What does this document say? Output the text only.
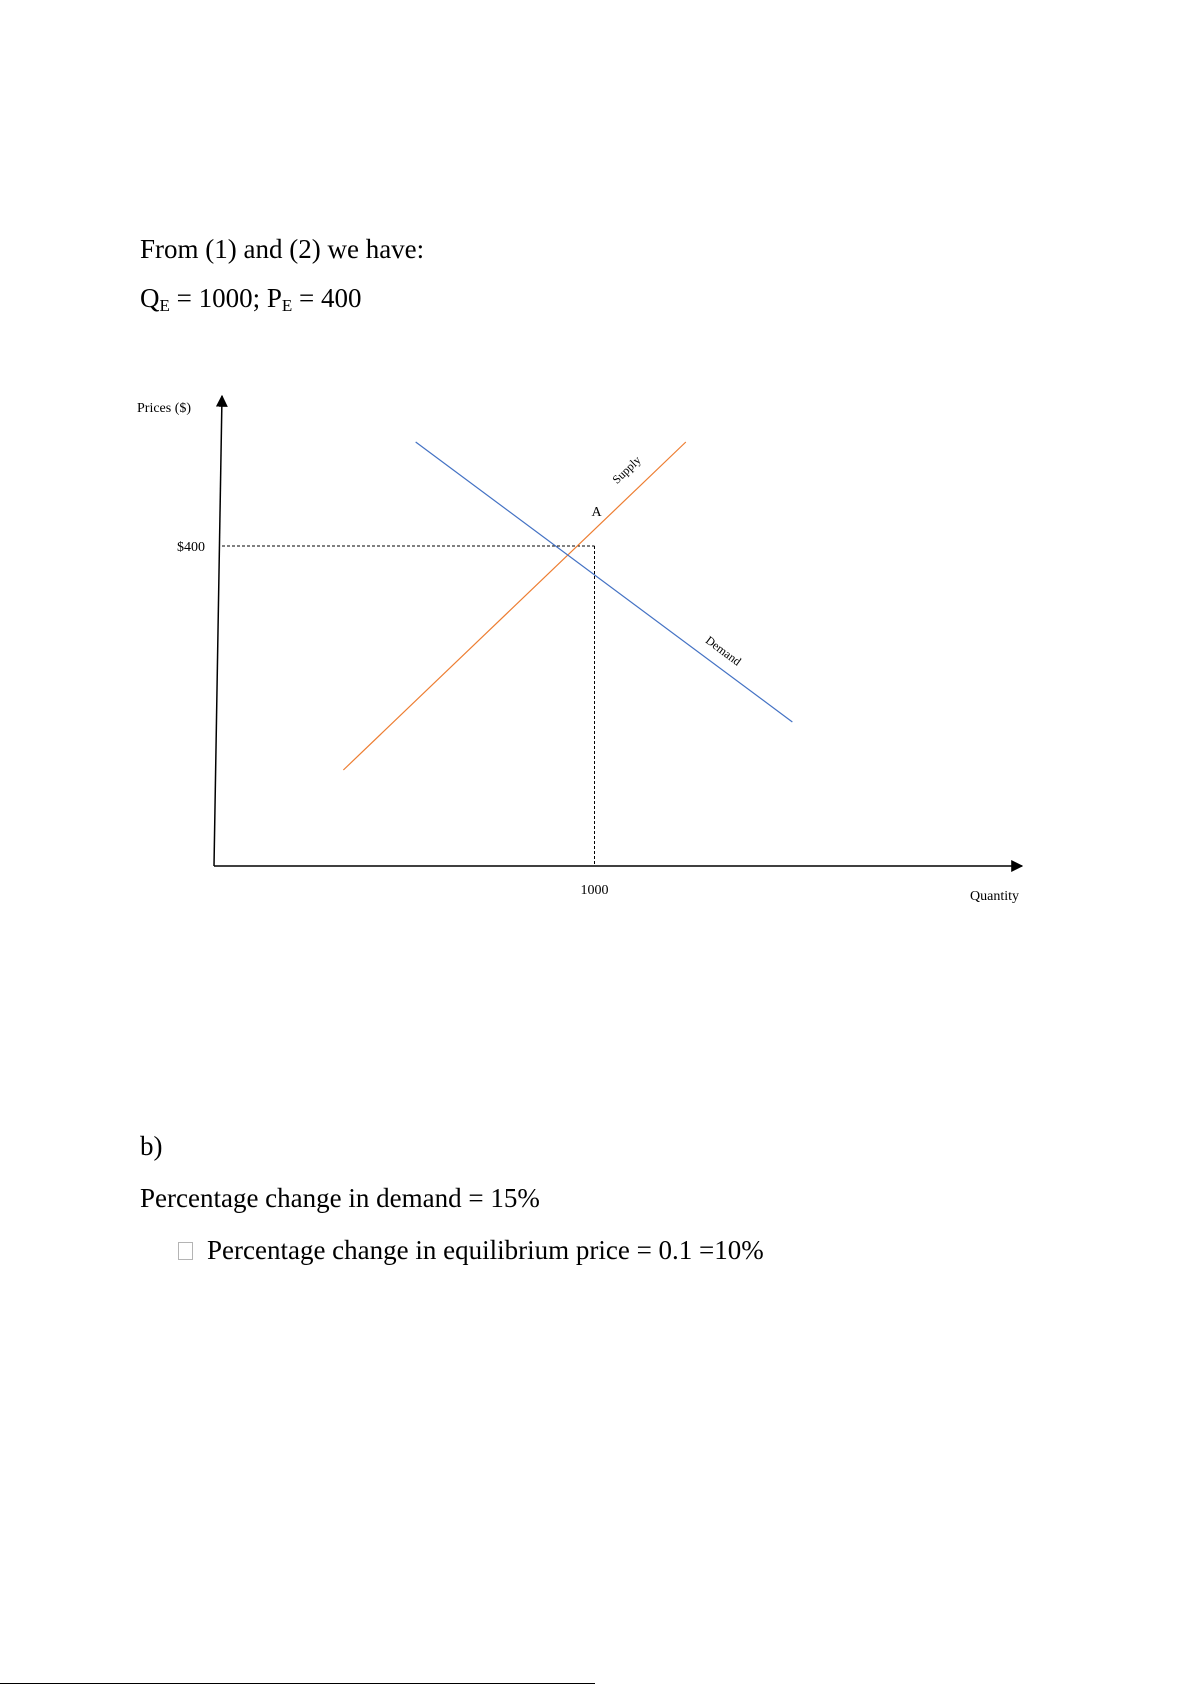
From (1) and (2) we have:

$Q_E = 1000$; $P_E = 400$

Prices ($)
Quantity
$400
1000
Supply
Demand
A

b)

Percentage change in demand = 15%

Percentage change in equilibrium price = 0.1 =10%
